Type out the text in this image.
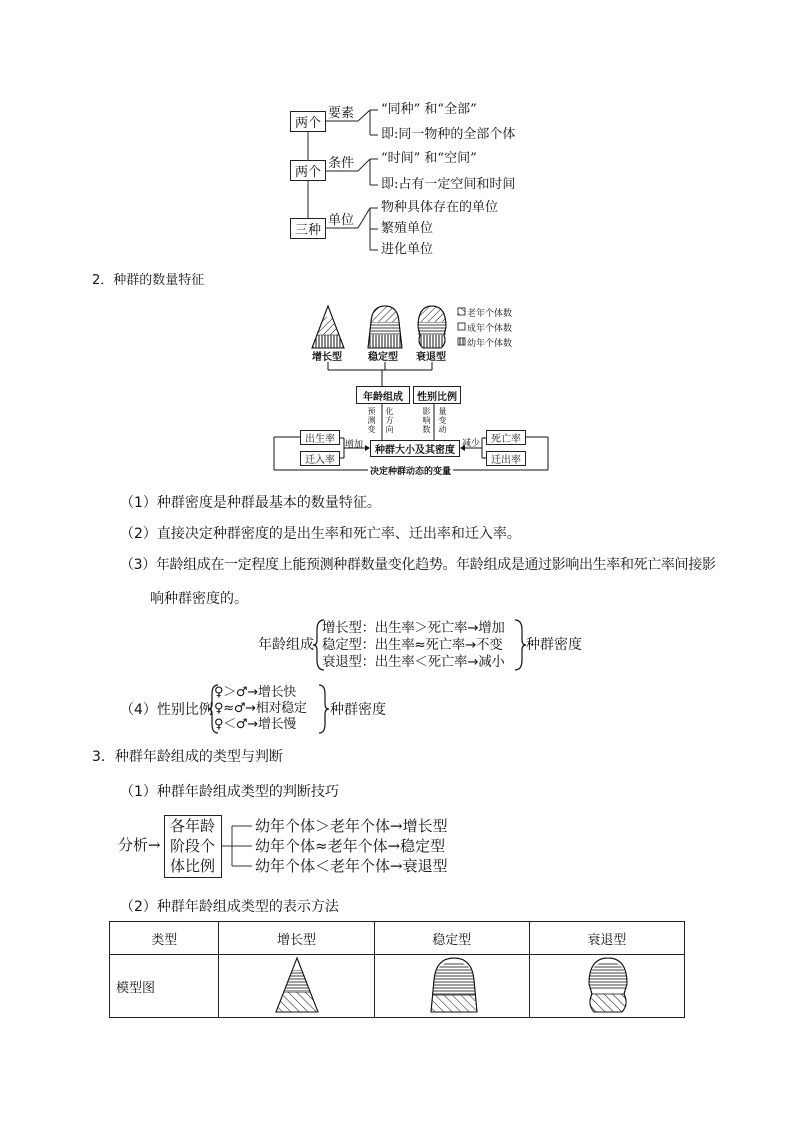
两个
要素 “同种” 和“全部”
即:同一物种的全部个体
两个
条件 “时间” 和“空间”
即:占有一定空间和时间
三种
单位
物种具体存在的单位
繁殖单位
进化单位
2．种群的数量特征
老年个体数
成年个体数
幼年个体数
增长型	稳定型 衰退型
年龄组成	性别比例
预测变
化方向
影响数
量变动
种群大小及其密度
出生率
迁入率
死亡率
迁出率
增加	减少
决定种群动态的变量
（1）种群密度是种群最基本的数量特征。
（2）直接决定种群密度的是出生率和死亡率、迁出率和迁入率。
（3）年龄组成在一定程度上能预测种群数量变化趋势。年龄组成是通过影响出生率和死亡率间接影
响种群密度的。
年龄组成
增长型：出生率＞死亡率→增加
稳定型：出生率≈死亡率→不变
衰退型：出生率＜死亡率→减小
种群密度
（4）性别比例
♀＞♂→增长快
♀≈♂→相对稳定
♀＜♂→增长慢
种群密度
3．种群年龄组成的类型与判断
（1）种群年龄组成类型的判断技巧
分析→
各年龄
阶段个
体比例
幼年个体＞老年个体→增长型
幼年个体≈老年个体→稳定型
幼年个体＜老年个体→衰退型
（2）种群年龄组成类型的表示方法
类型	增长型	稳定型	衰退型
模型图			
